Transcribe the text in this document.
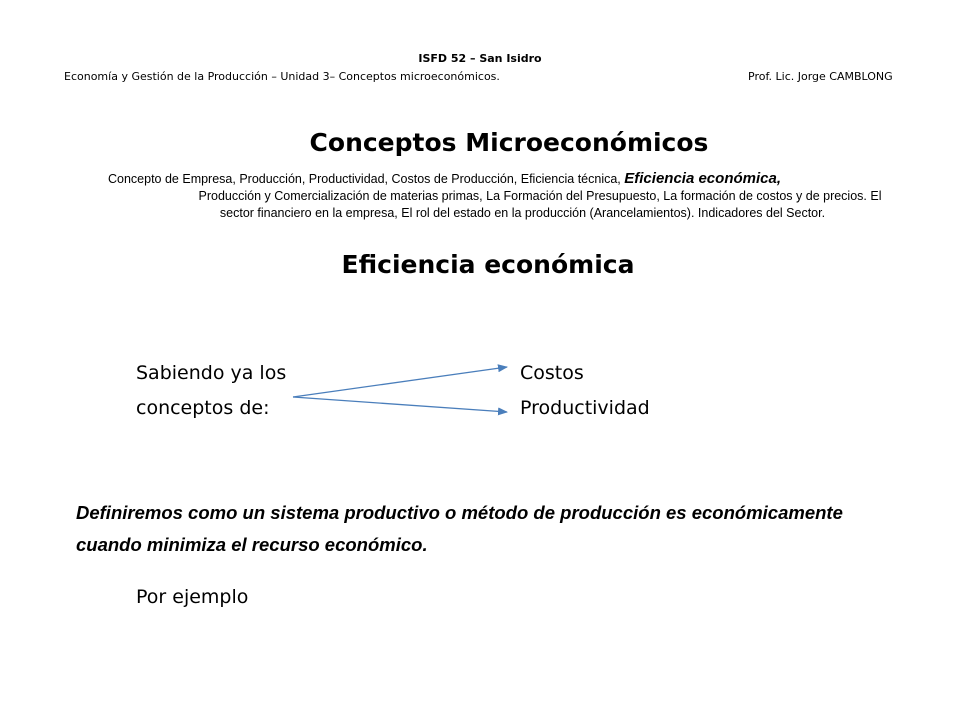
ISFD 52 – San Isidro
Economía y Gestión de la Producción – Unidad 3– Conceptos microeconómicos.	Prof. Lic. Jorge CAMBLONG
Conceptos Microeconómicos
Concepto de Empresa, Producción, Productividad, Costos de Producción, Eficiencia técnica, Eficiencia económica,
Producción y Comercialización de materias primas, La Formación del Presupuesto, La formación de costos y de precios. El
sector financiero en la empresa, El rol del estado en la producción (Arancelamientos). Indicadores del Sector.
Eficiencia económica
Sabiendo ya los
conceptos de:
Costos
Productividad
Definiremos como un sistema productivo o método de producción es económicamente
cuando minimiza el recurso económico.
Por ejemplo
